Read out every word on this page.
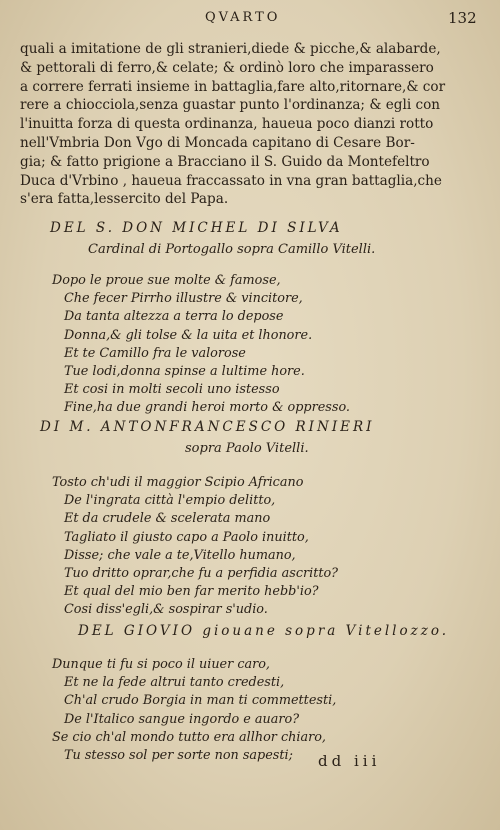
QVARTO	132
quali a imitatione de gli stranieri,diede & picche,& alabarde,
& pettorali di ferro,& celate; & ordinò loro che imparassero
a correre ferrati insieme in battaglia,fare alto,ritornare,& cor
rere a chiocciola,senza guastar punto l'ordinanza; & egli con
l'inuitta forza di questa ordinanza, haueua poco dianzi rotto
nell'Vmbria Don Vgo di Moncada capitano di Cesare Bor-
gia; & fatto prigione a Bracciano il S. Guido da Montefeltro
Duca d'Vrbino , haueua fraccassato in vna gran battaglia,che
s'era fatta,lessercito del Papa.
DEL S. DON MICHEL DI SILVA
Cardinal di Portogallo sopra Camillo Vitelli.
Dopo le proue sue molte & famose,
Che fecer Pirrho illustre & vincitore,
Da tanta altezza a terra lo depose
Donna,& gli tolse & la uita et lhonore.
Et te Camillo fra le valorose
Tue lodi,donna spinse a lultime hore.
Et cosi in molti secoli uno istesso
Fine,ha due grandi heroi morto & oppresso.
DI M. ANTONFRANCESCO RINIERI
sopra Paolo Vitelli.
Tosto ch'udi il maggior Scipio Africano
De l'ingrata città l'empio delitto,
Et da crudele & scelerata mano
Tagliato il giusto capo a Paolo inuitto,
Disse; che vale a te,Vitello humano,
Tuo dritto oprar,che fu a perfidia ascritto?
Et qual del mio ben far merito hebb'io?
Cosi diss'egli,& sospirar s'udio.
DEL GIOVIO giouane sopra Vitellozzo.
Dunque ti fu si poco il uiuer caro,
Et ne la fede altrui tanto credesti,
Ch'al crudo Borgia in man ti commettesti,
De l'Italico sangue ingordo e auaro?
Se cio ch'al mondo tutto era allhor chiaro,
Tu stesso sol per sorte non sapesti;	dd iii
